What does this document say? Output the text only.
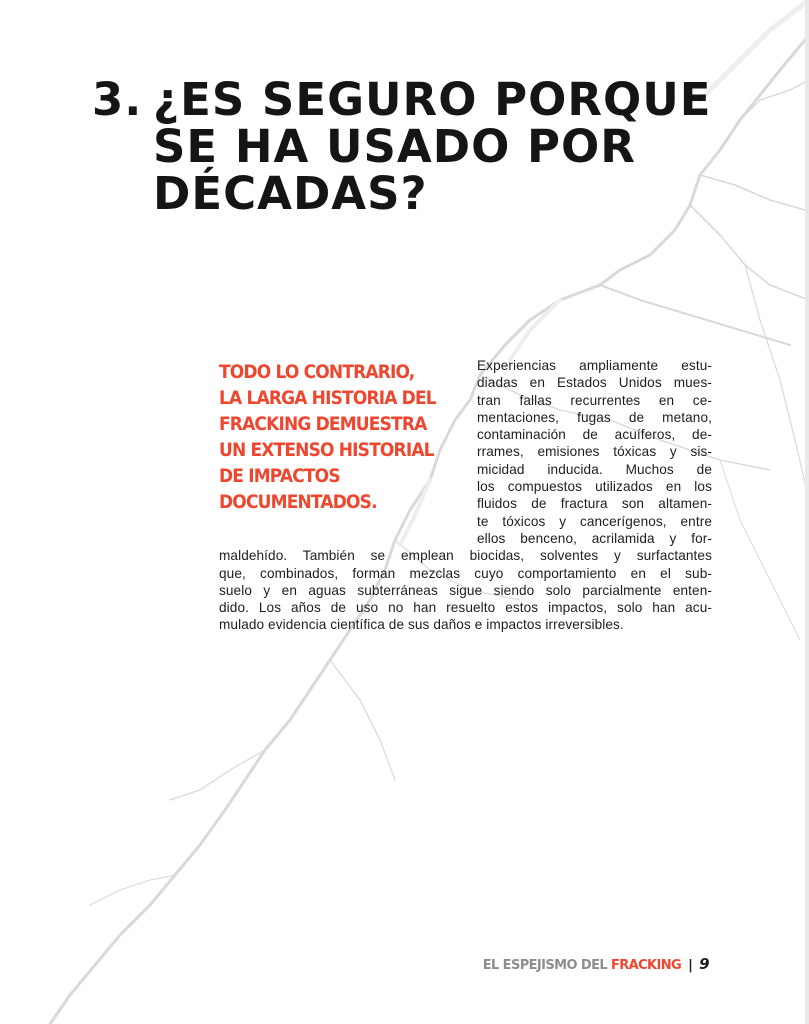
3. ¿ES SEGURO PORQUE
SE HA USADO POR
DÉCADAS?
TODO LO CONTRARIO,
LA LARGA HISTORIA DEL
FRACKING DEMUESTRA
UN EXTENSO HISTORIAL
DE IMPACTOS
DOCUMENTADOS.
Experiencias ampliamente estu-
diadas en Estados Unidos mues-
tran fallas recurrentes en ce-
mentaciones, fugas de metano,
contaminación de acuíferos, de-
rrames, emisiones tóxicas y sis-
micidad inducida. Muchos de
los compuestos utilizados en los
fluidos de fractura son altamen-
te tóxicos y cancerígenos, entre
ellos benceno, acrilamida y for-
maldehído. También se emplean biocidas, solventes y surfactantes
que, combinados, forman mezclas cuyo comportamiento en el sub-
suelo y en aguas subterráneas sigue siendo solo parcialmente enten-
dido. Los años de uso no han resuelto estos impactos, solo han acu-
mulado evidencia científica de sus daños e impactos irreversibles.
EL ESPEJISMO DEL FRACKING | 9
